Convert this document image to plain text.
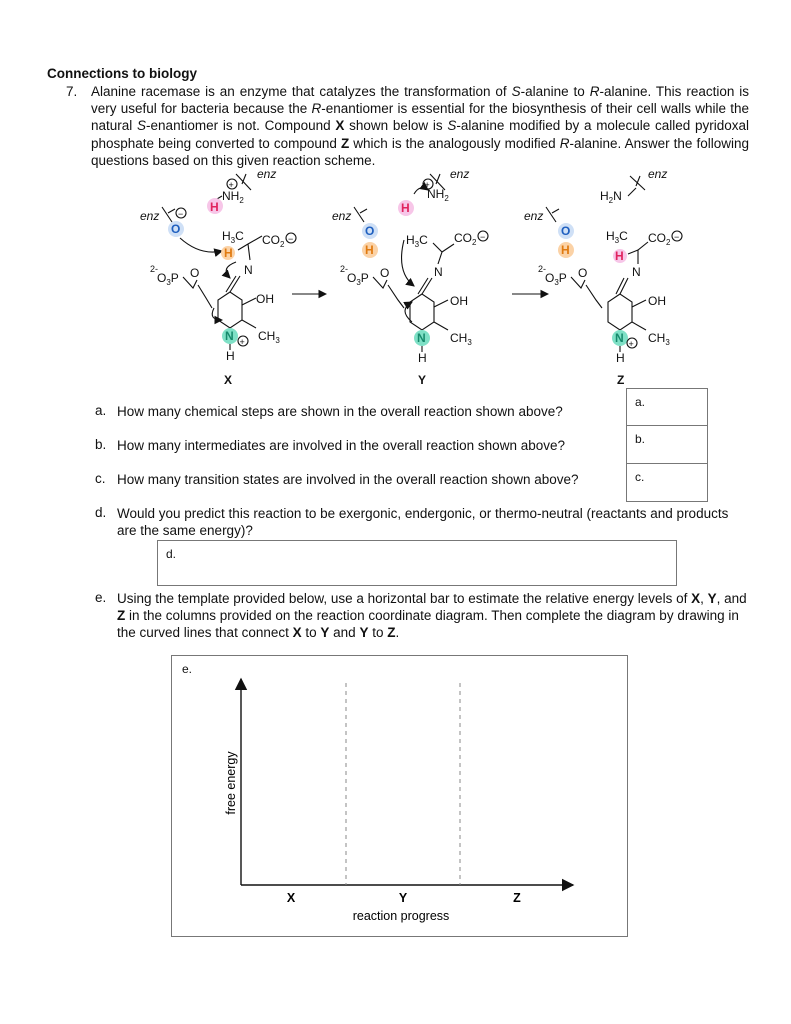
Connections to biology
7. Alanine racemase is an enzyme that catalyzes the transformation of S-alanine to R-alanine. This reaction is very useful for bacteria because the R-enantiomer is essential for the biosynthesis of their cell walls while the natural S-enantiomer is not. Compound X shown below is S-alanine modified by a molecule called pyridoxal phosphate being converted to compound Z which is the analogously modified R-alanine. Answer the following questions based on this given reaction scheme.
enz
+
$NH_2$
H
enz −
O	$H_3C$
H
$CO_2$
−
N
2-
$O_3P$ O
OH
$CH_3$
N +
H
X
enz
+
$NH_2$
H
enz
O
H
$H_3C$ $CO_2$
−
N
2-
$O_3P$ O
OH
$CH_3$
N
H
Y
enz
$H_2N$
enz
O
H
$H_3C$
H
$CO_2$
−
N
2-
$O_3P$ O
OH
$CH_3$
N +
H
Z
a. How many chemical steps are shown in the overall reaction shown above?
b. How many intermediates are involved in the overall reaction shown above?
c. How many transition states are involved in the overall reaction shown above?
a.
b.
c.
d. Would you predict this reaction to be exergonic, endergonic, or thermo-neutral (reactants and products are the same energy)?
d.
e. Using the template provided below, use a horizontal bar to estimate the relative energy levels of X, Y, and Z in the columns provided on the reaction coordinate diagram. Then complete the diagram by drawing in the curved lines that connect X to Y and Y to Z.
e.
free energy
X	Y	Z
reaction progress
